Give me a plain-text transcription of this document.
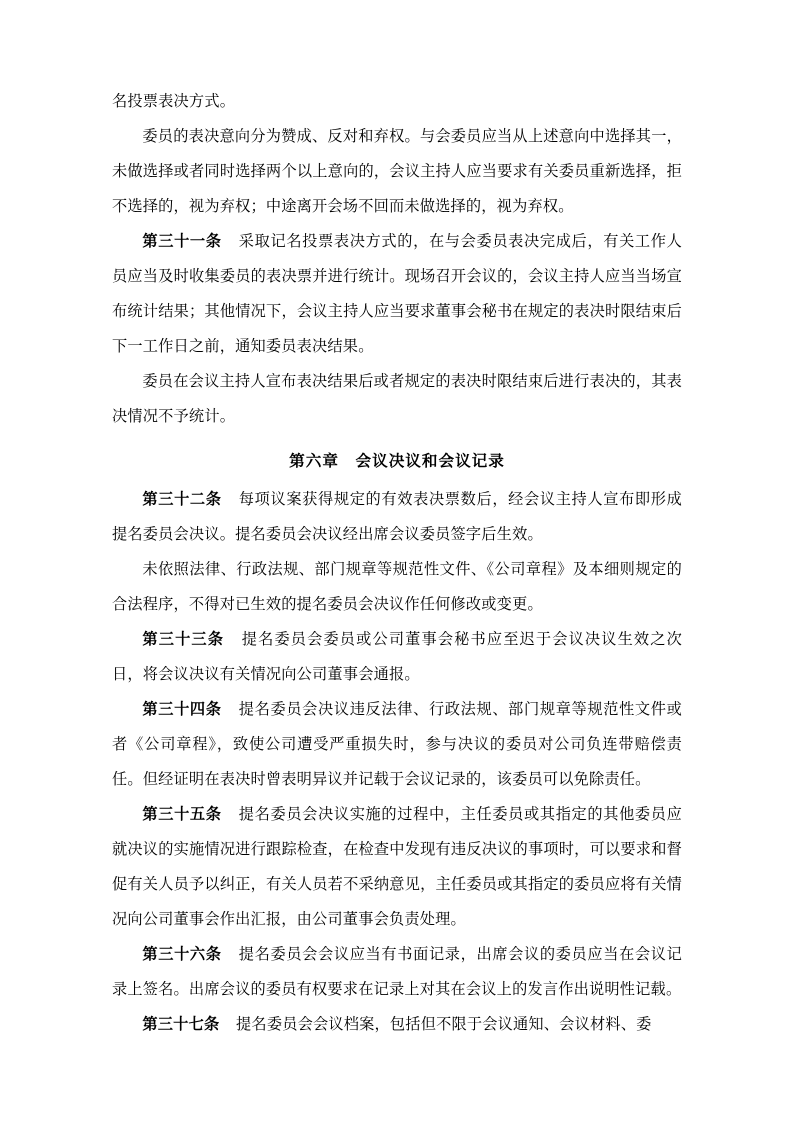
名投票表决方式。

委员的表决意向分为赞成、反对和弃权。与会委员应当从上述意向中选择其一，未做选择或者同时选择两个以上意向的，会议主持人应当要求有关委员重新选择，拒不选择的，视为弃权；中途离开会场不回而未做选择的，视为弃权。

第三十一条 采取记名投票表决方式的，在与会委员表决完成后，有关工作人员应当及时收集委员的表决票并进行统计。现场召开会议的，会议主持人应当当场宣布统计结果；其他情况下，会议主持人应当要求董事会秘书在规定的表决时限结束后下一工作日之前，通知委员表决结果。

委员在会议主持人宣布表决结果后或者规定的表决时限结束后进行表决的，其表决情况不予统计。

第六章　会议决议和会议记录

第三十二条 每项议案获得规定的有效表决票数后，经会议主持人宣布即形成提名委员会决议。提名委员会决议经出席会议委员签字后生效。

未依照法律、行政法规、部门规章等规范性文件、《公司章程》及本细则规定的合法程序，不得对已生效的提名委员会决议作任何修改或变更。

第三十三条 提名委员会委员或公司董事会秘书应至迟于会议决议生效之次日，将会议决议有关情况向公司董事会通报。

第三十四条 提名委员会决议违反法律、行政法规、部门规章等规范性文件或者《公司章程》，致使公司遭受严重损失时，参与决议的委员对公司负连带赔偿责任。但经证明在表决时曾表明异议并记载于会议记录的，该委员可以免除责任。

第三十五条 提名委员会决议实施的过程中，主任委员或其指定的其他委员应就决议的实施情况进行跟踪检查，在检查中发现有违反决议的事项时，可以要求和督促有关人员予以纠正，有关人员若不采纳意见，主任委员或其指定的委员应将有关情况向公司董事会作出汇报，由公司董事会负责处理。

第三十六条 提名委员会会议应当有书面记录，出席会议的委员应当在会议记录上签名。出席会议的委员有权要求在记录上对其在会议上的发言作出说明性记载。

第三十七条 提名委员会会议档案，包括但不限于会议通知、会议材料、委
